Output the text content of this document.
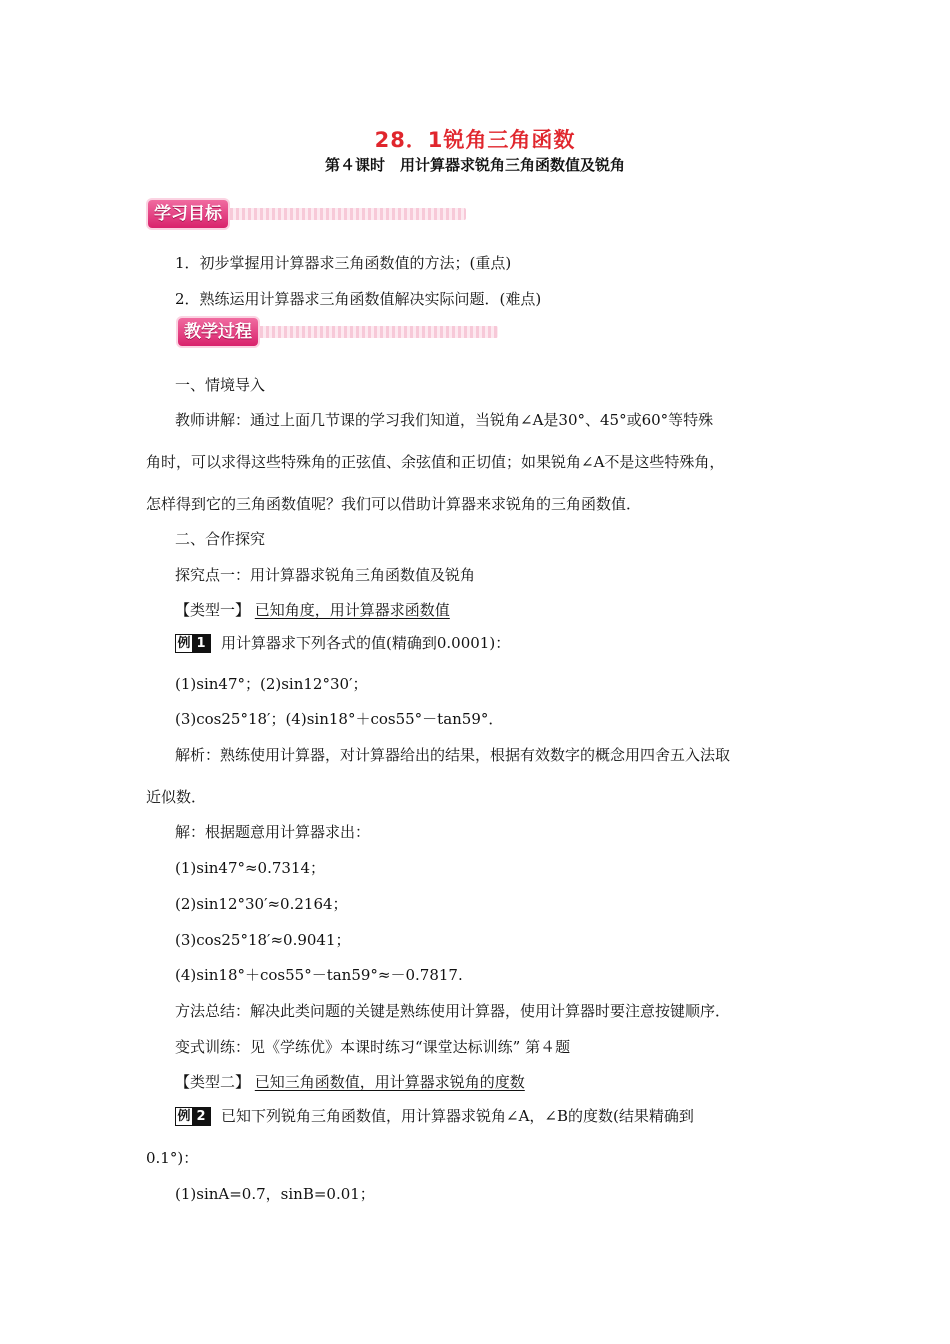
28．1锐角三角函数
第４课时　用计算器求锐角三角函数值及锐角
学习目标
1．初步掌握用计算器求三角函数值的方法；(重点)
2．熟练运用计算器求三角函数值解决实际问题．(难点)
教学过程
一、情境导入
教师讲解：通过上面几节课的学习我们知道，当锐角∠A是30°、45°或60°等特殊
角时，可以求得这些特殊角的正弦值、余弦值和正切值；如果锐角∠A不是这些特殊角，
怎样得到它的三角函数值呢？我们可以借助计算器来求锐角的三角函数值．
二、合作探究
探究点一：用计算器求锐角三角函数值及锐角
【类型一】 已知角度，用计算器求函数值
例 1 用计算器求下列各式的值(精确到0.0001)：
(1)sin47°；(2)sin12°30′；
(3)cos25°18′；(4)sin18°＋cos55°－tan59°．
解析：熟练使用计算器，对计算器给出的结果，根据有效数字的概念用四舍五入法取
近似数．
解：根据题意用计算器求出：
(1)sin47°≈0.7314；
(2)sin12°30′≈0.2164；
(3)cos25°18′≈0.9041；
(4)sin18°＋cos55°－tan59°≈－0.7817.
方法总结：解决此类问题的关键是熟练使用计算器，使用计算器时要注意按键顺序．
变式训练：见《学练优》本课时练习“课堂达标训练” 第４题
【类型二】 已知三角函数值，用计算器求锐角的度数
例 2 已知下列锐角三角函数值，用计算器求锐角∠A，∠B的度数(结果精确到
0.1°)：
(1)sinA=0.7，sinB=0.01；
